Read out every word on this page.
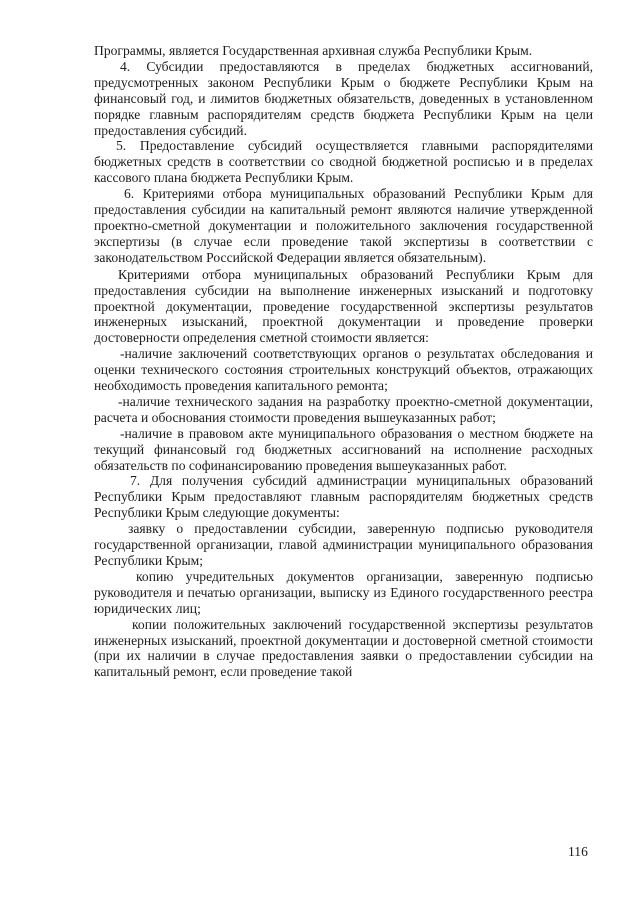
Программы, является Государственная архивная служба Республики Крым.

4. Субсидии предоставляются в пределах бюджетных ассигнований, предусмотренных законом Республики Крым о бюджете Республики Крым на финансовый год, и лимитов бюджетных обязательств, доведенных в установленном порядке главным распорядителям средств бюджета Республики Крым на цели предоставления субсидий.

5. Предоставление субсидий осуществляется главными распорядителями бюджетных средств в соответствии со сводной бюджетной росписью и в пределах кассового плана бюджета Республики Крым.

6. Критериями отбора муниципальных образований Республики Крым для предоставления субсидии на капитальный ремонт являются наличие утвержденной проектно-сметной документации и положительного заключения государственной экспертизы (в случае если проведение такой экспертизы в соответствии с законодательством Российской Федерации является обязательным).

Критериями отбора муниципальных образований Республики Крым для предоставления субсидии на выполнение инженерных изысканий и подготовку проектной документации, проведение государственной экспертизы результатов инженерных изысканий, проектной документации и проведение проверки достоверности определения сметной стоимости является:

-наличие заключений соответствующих органов о результатах обследования и оценки технического состояния строительных конструкций объектов, отражающих необходимость проведения капитального ремонта;

-наличие технического задания на разработку проектно-сметной документации, расчета и обоснования стоимости проведения вышеуказанных работ;

-наличие в правовом акте муниципального образования о местном бюджете на текущий финансовый год бюджетных ассигнований на исполнение расходных обязательств по софинансированию проведения вышеуказанных работ.

7. Для получения субсидий администрации муниципальных образований Республики Крым предоставляют главным распорядителям бюджетных средств Республики Крым следующие документы:

заявку о предоставлении субсидии, заверенную подписью руководителя государственной организации, главой администрации муниципального образования Республики Крым;

копию учредительных документов организации, заверенную подписью руководителя и печатью организации, выписку из Единого государственного реестра юридических лиц;

копии положительных заключений государственной экспертизы результатов инженерных изысканий, проектной документации и достоверной сметной стоимости (при их наличии в случае предоставления заявки о предоставлении субсидии на капитальный ремонт, если проведение такой

116
